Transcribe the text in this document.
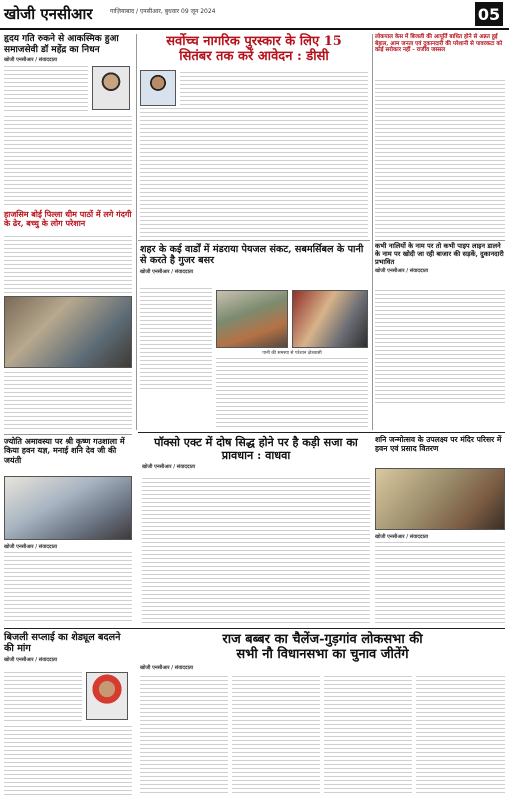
खोजी एनसीआर	गाज़ियाबाद / एनसीआर, बुधवार 09 जून 2024	05
हृदय गति रुकने से आकस्मिक हुआ समाजसेवी डॉ महेंद्र का निधन
खोजी एनसीआर / संवाददाता
हाजसिम बोई पिल्ला धीम पाठों में लगे गंदगी के ढेर, बच्चु के लोग परेशान
सर्वोच्च नागरिक पुरस्कार के लिए 15
सितंबर तक करें आवेदन : डीसी
लोकपाल केस में बिजली की आपूर्ति बाधित होने से अन्नत हुई बेहाल, आम जनता एवं दुकानदारी की परेशानी से पावरकटा को कोई सरोकार नहीं - राजीव जस्सल
शहर के कई वार्डों में मंडराया पेयजल संकट, सबमर्सिबल के पानी से करते है गुजर बसर
खोजी एनसीआर / संवाददाता
पानी की समस्या से परेशान क्षेत्रवासी
कभी नालियों के नाम पर तो कभी पाइप लाइन डालने के नाम पर खोदी जा रही बाजार की सड़कें, दुकानदारी प्रभावित
खोजी एनसीआर / संवाददाता
ज्योति अमावस्या पर श्री कृष्ण गउशाला में किया हवन यज्ञ, मनाई शनि देव जी की जयंती
खोजी एनसीआर / संवाददाता
पॉक्सो एक्ट में दोष सिद्ध होने पर है कड़ी सजा का प्रावधान : वाधवा
खोजी एनसीआर / संवाददाता
शनि जन्मोत्सव के उपलक्ष्य पर मंदिर परिसर में हवन एवं प्रसाद वितरण
खोजी एनसीआर / संवाददाता
बिजली सप्लाई का शेड्यूल बदलने की मांग
खोजी एनसीआर / संवाददाता
राज बब्बर का चैलेंज-गुड़गांव लोकसभा की
सभी नौ विधानसभा का चुनाव जीतेंगे
खोजी एनसीआर / संवाददाता
